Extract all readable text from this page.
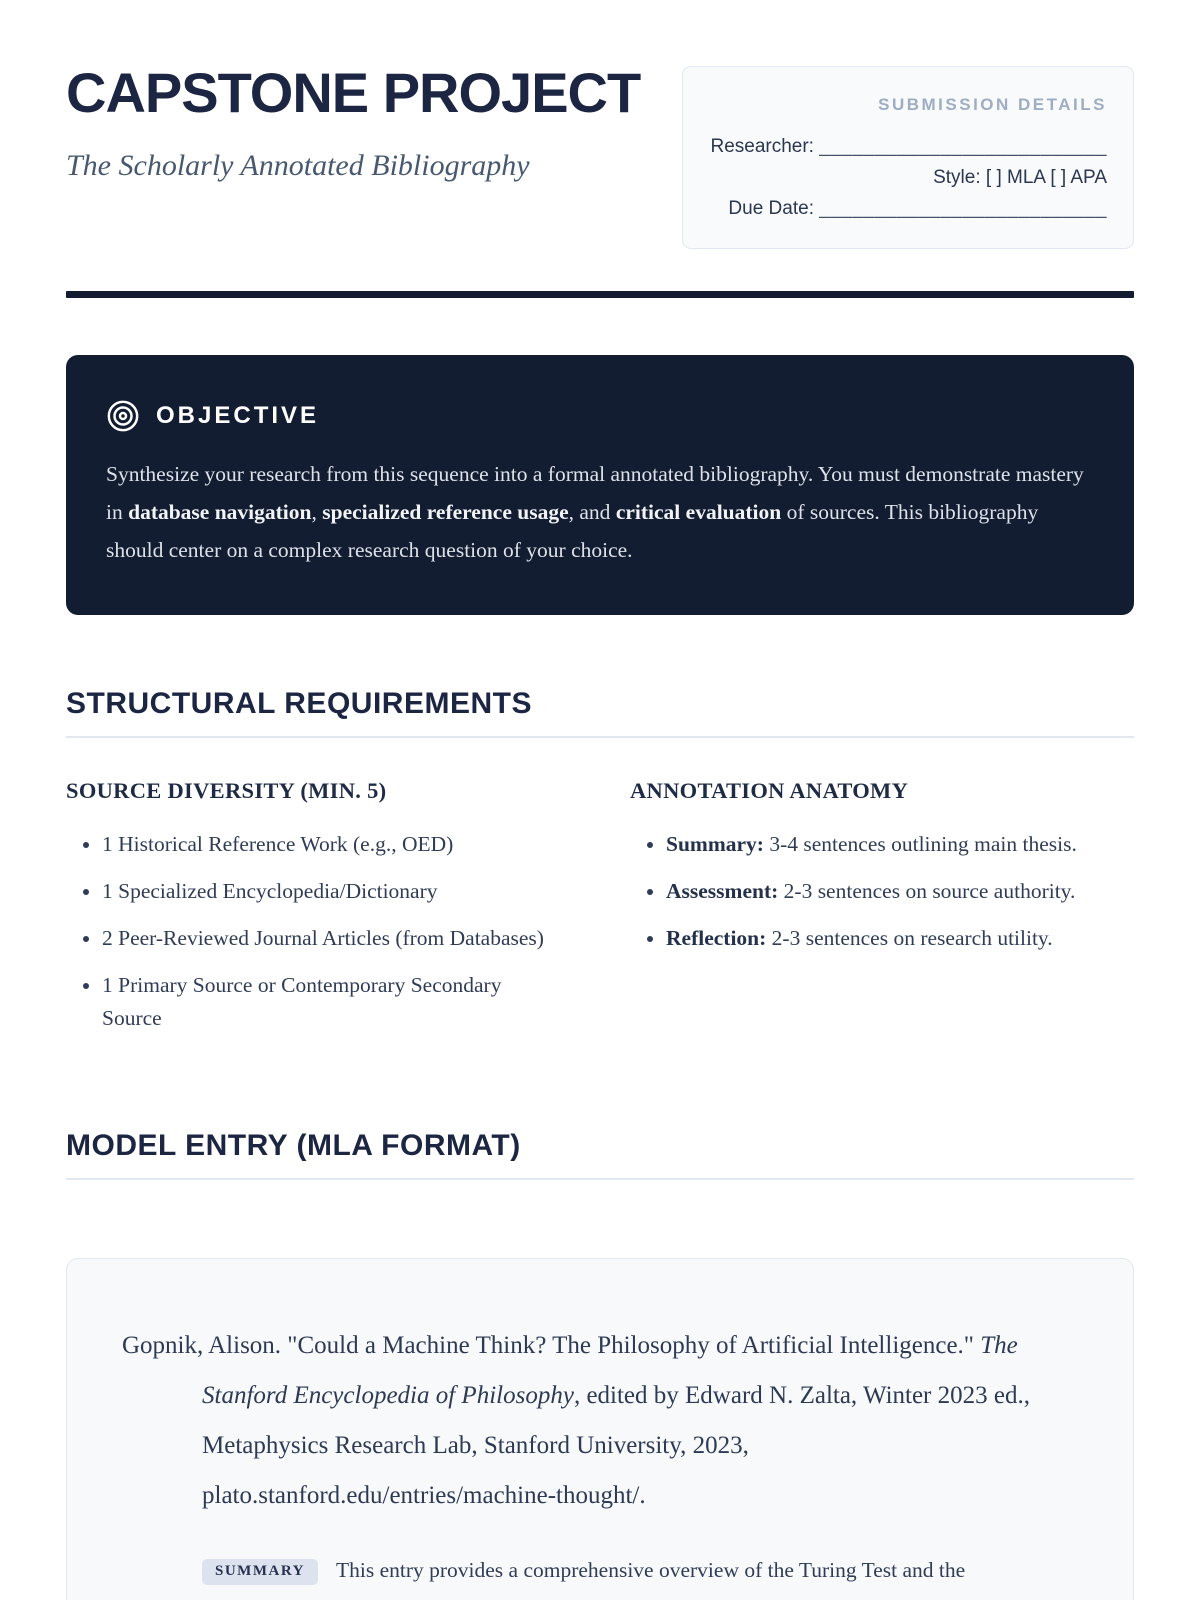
CAPSTONE PROJECT
The Scholarly Annotated Bibliography
SUBMISSION DETAILS
Researcher: __________________________
Style: [ ] MLA [ ] APA
Due Date: __________________________
OBJECTIVE

Synthesize your research from this sequence into a formal annotated bibliography. You must demonstrate mastery in database navigation, specialized reference usage, and critical evaluation of sources. This bibliography should center on a complex research question of your choice.

STRUCTURAL REQUIREMENTS
SOURCE DIVERSITY (MIN. 5)
• 1 Historical Reference Work (e.g., OED)
• 1 Specialized Encyclopedia/Dictionary
• 2 Peer-Reviewed Journal Articles (from Databases)
• 1 Primary Source or Contemporary Secondary Source
ANNOTATION ANATOMY
• Summary: 3-4 sentences outlining main thesis.
• Assessment: 2-3 sentences on source authority.
• Reflection: 2-3 sentences on research utility.
MODEL ENTRY (MLA FORMAT)

Gopnik, Alison. "Could a Machine Think? The Philosophy of Artificial Intelligence." The Stanford Encyclopedia of Philosophy, edited by Edward N. Zalta, Winter 2023 ed., Metaphysics Research Lab, Stanford University, 2023, plato.stanford.edu/entries/machine-thought/.

SUMMARY This entry provides a comprehensive overview of the Turing Test and the
